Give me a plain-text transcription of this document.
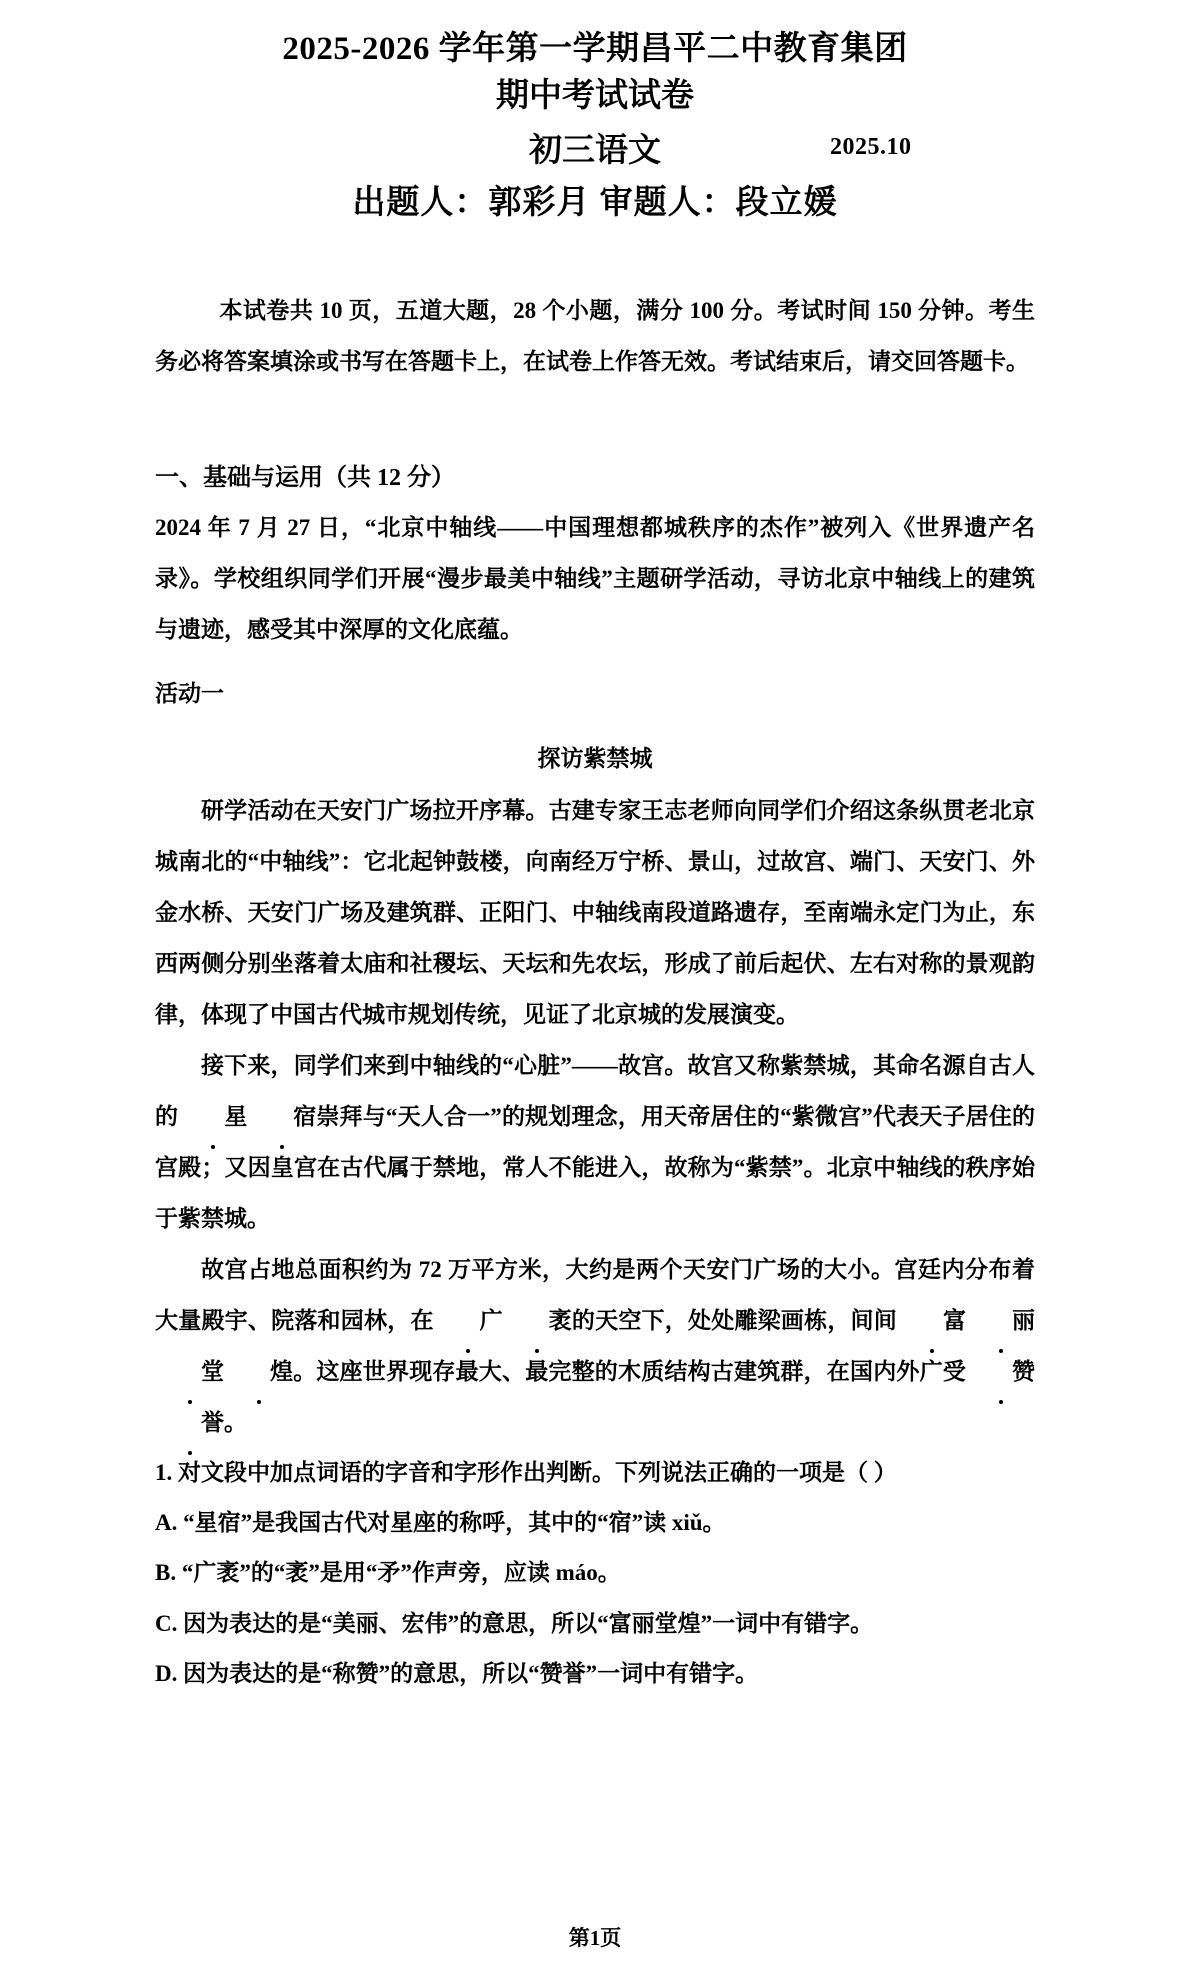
2025-2026 学年第一学期昌平二中教育集团
期中考试试卷
初三语文	2025.10
出题人：郭彩月 审题人：段立媛

本试卷共 10 页，五道大题，28 个小题，满分 100 分。考试时间 150 分钟。考生务必将答案填涂或书写在答题卡上，在试卷上作答无效。考试结束后，请交回答题卡。

一、基础与运用（共 12 分）

2024 年 7 月 27 日，“北京中轴线——中国理想都城秩序的杰作”被列入《世界遗产名录》。学校组织同学们开展“漫步最美中轴线”主题研学活动，寻访北京中轴线上的建筑与遗迹，感受其中深厚的文化底蕴。

活动一

探访紫禁城

研学活动在天安门广场拉开序幕。古建专家王志老师向同学们介绍这条纵贯老北京城南北的“中轴线”：它北起钟鼓楼，向南经万宁桥、景山，过故宫、端门、天安门、外金水桥、天安门广场及建筑群、正阳门、中轴线南段道路遗存，至南端永定门为止，东西两侧分别坐落着太庙和社稷坛、天坛和先农坛，形成了前后起伏、左右对称的景观韵律，体现了中国古代城市规划传统，见证了北京城的发展演变。

接下来，同学们来到中轴线的“心脏”——故宫。故宫又称紫禁城，其命名源自古人的 星 宿崇拜与“天人合一”的规划理念，用天帝居住的“紫微宫”代表天子居住的宫殿；又因皇宫在古代属于禁地，常人不能进入，故称为“紫禁”。北京中轴线的秩序始于紫禁城。

故宫占地总面积约为 72 万平方米，大约是两个天安门广场的大小。宫廷内分布着大量殿宇、院落和园林，在 广 袤的天空下，处处雕梁画栋，间间 富 丽堂 煌。这座世界现存最大、最完整的木质结构古建筑群，在国内外广受 赞誉。

1. 对文段中加点词语的字音和字形作出判断。下列说法正确的一项是（ ）

A. “星宿”是我国古代对星座的称呼，其中的“宿”读 xiǔ。

B. “广袤”的“袤”是用“矛”作声旁，应读 máo。

C. 因为表达的是“美丽、宏伟”的意思，所以“富丽堂煌”一词中有错字。

D. 因为表达的是“称赞”的意思，所以“赞誉”一词中有错字。

第1页
